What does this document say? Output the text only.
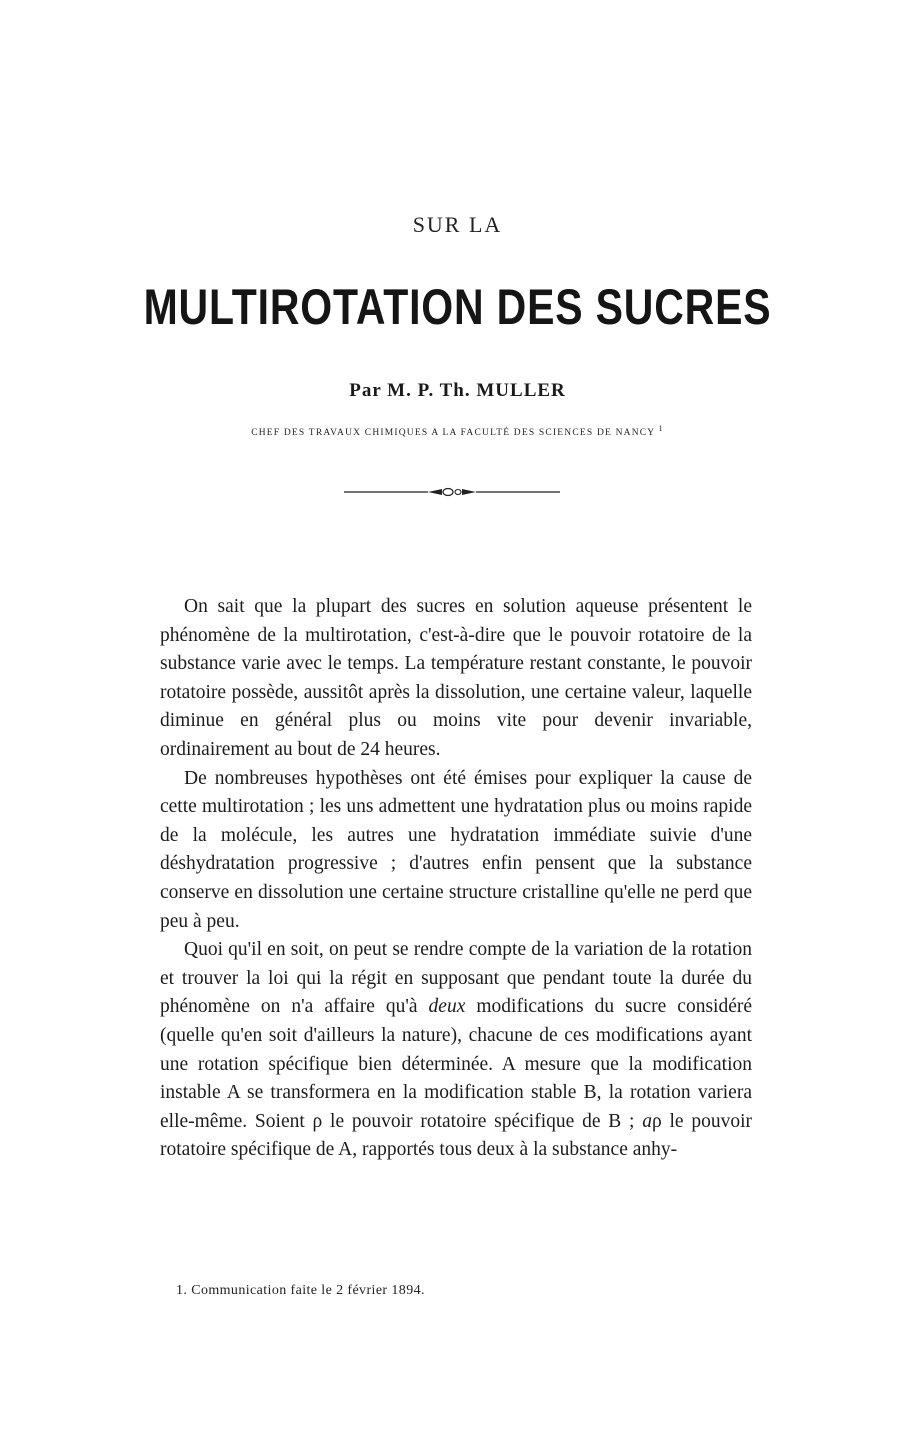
SUR LA
MULTIROTATION DES SUCRES
Par M. P. Th. MULLER
CHEF DES TRAVAUX CHIMIQUES A LA FACULTÉ DES SCIENCES DE NANCY $^1$

On sait que la plupart des sucres en solution aqueuse présentent le phénomène de la multirotation, c'est-à-dire que le pouvoir rotatoire de la substance varie avec le temps. La température restant constante, le pouvoir rotatoire possède, aussitôt après la dissolution, une certaine valeur, laquelle diminue en général plus ou moins vite pour devenir invariable, ordinairement au bout de 24 heures.

De nombreuses hypothèses ont été émises pour expliquer la cause de cette multirotation ; les uns admettent une hydratation plus ou moins rapide de la molécule, les autres une hydratation immédiate suivie d'une déshydratation progressive ; d'autres enfin pensent que la substance conserve en dissolution une certaine structure cristalline qu'elle ne perd que peu à peu.

Quoi qu'il en soit, on peut se rendre compte de la variation de la rotation et trouver la loi qui la régit en supposant que pendant toute la durée du phénomène on n'a affaire qu'à deux modifications du sucre considéré (quelle qu'en soit d'ailleurs la nature), chacune de ces modifications ayant une rotation spécifique bien déterminée. A mesure que la modification instable A se transformera en la modification stable B, la rotation variera elle-même. Soient ρ le pouvoir rotatoire spécifique de B ; aρ le pouvoir rotatoire spécifique de A, rapportés tous deux à la substance anhy-

1. Communication faite le 2 février 1894.
